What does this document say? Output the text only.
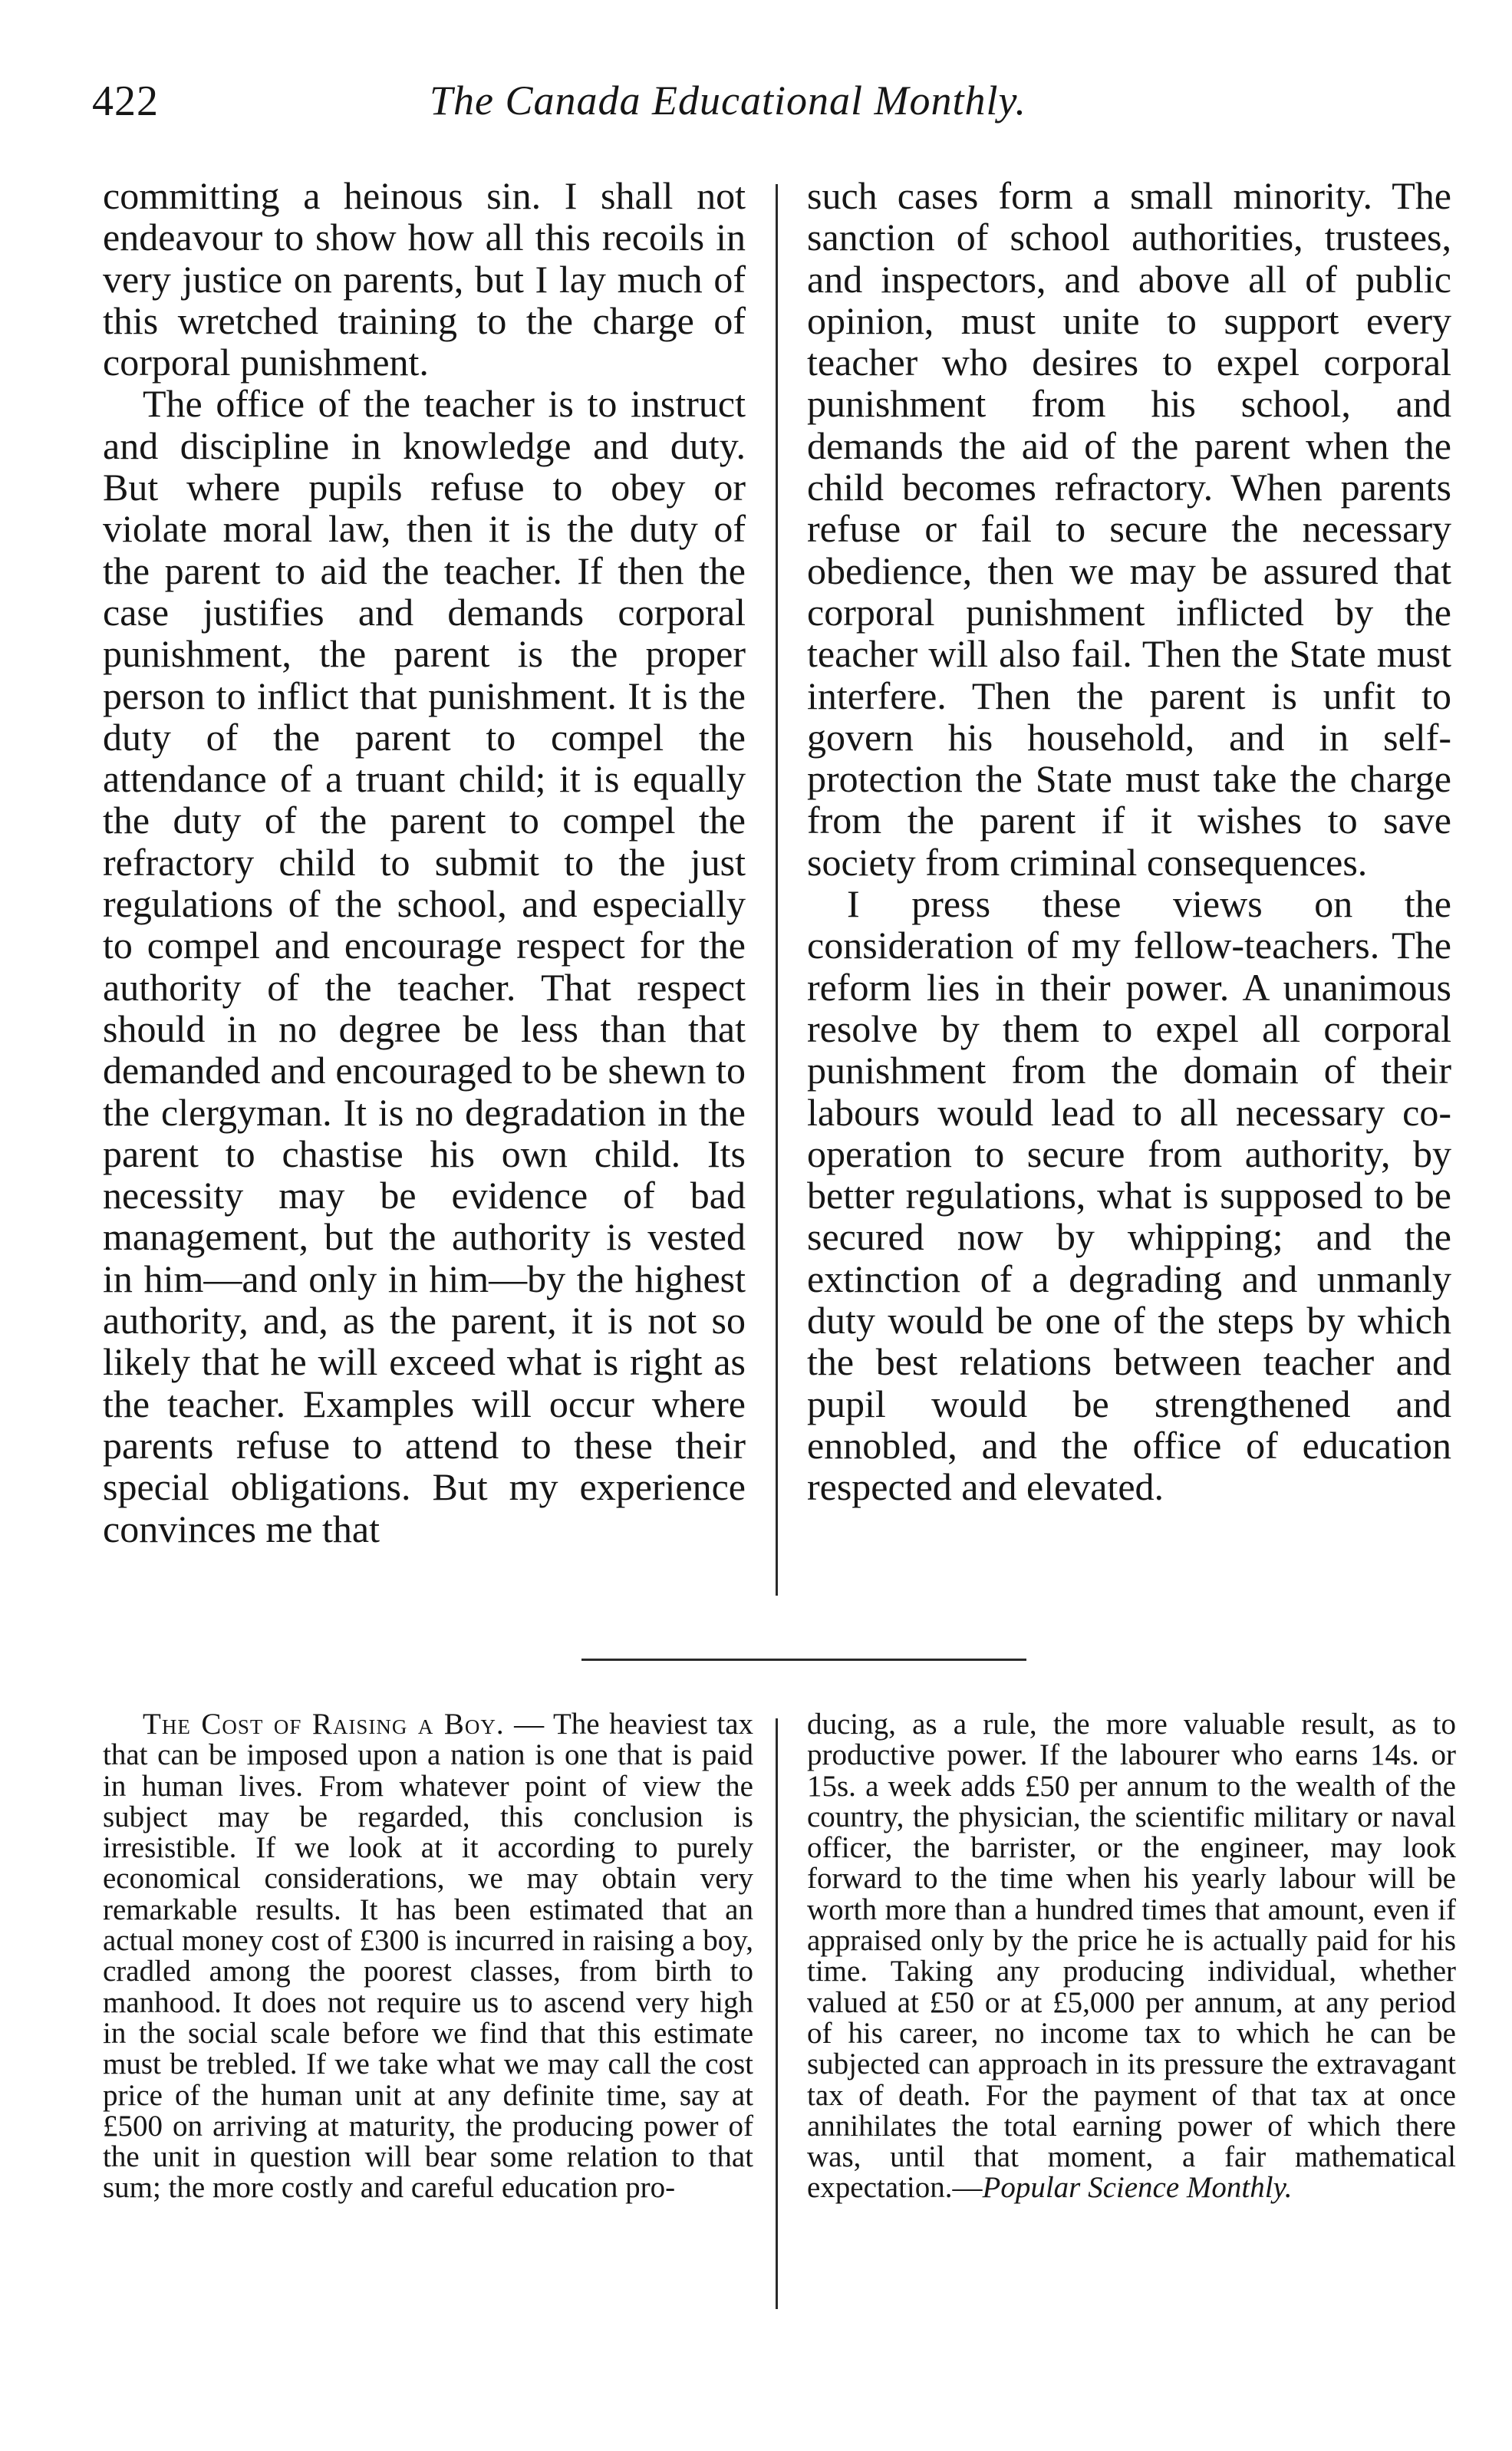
422	The Canada Educational Monthly.

committing a heinous sin. I shall not endeavour to show how all this recoils in very justice on parents, but I lay much of this wretched training to the charge of corporal punishment.

The office of the teacher is to instruct and discipline in knowledge and duty. But where pupils refuse to obey or violate moral law, then it is the duty of the parent to aid the teacher. If then the case justifies and demands corporal punishment, the parent is the proper person to inflict that punishment. It is the duty of the parent to compel the attendance of a truant child; it is equally the duty of the parent to compel the refractory child to submit to the just regulations of the school, and especially to compel and encourage respect for the authority of the teacher. That respect should in no degree be less than that demanded and encouraged to be shewn to the clergyman. It is no degradation in the parent to chastise his own child. Its necessity may be evidence of bad management, but the authority is vested in him—and only in him—by the highest authority, and, as the parent, it is not so likely that he will exceed what is right as the teacher. Examples will occur where parents refuse to attend to these their special obligations. But my experience convinces me that

such cases form a small minority. The sanction of school authorities, trustees, and inspectors, and above all of public opinion, must unite to support every teacher who desires to expel corporal punishment from his school, and demands the aid of the parent when the child becomes refractory. When parents refuse or fail to secure the necessary obedience, then we may be assured that corporal punishment inflicted by the teacher will also fail. Then the State must interfere. Then the parent is unfit to govern his household, and in self-protection the State must take the charge from the parent if it wishes to save society from criminal consequences.

I press these views on the consideration of my fellow-teachers. The reform lies in their power. A unanimous resolve by them to expel all corporal punishment from the domain of their labours would lead to all necessary co-operation to secure from authority, by better regulations, what is supposed to be secured now by whipping; and the extinction of a degrading and unmanly duty would be one of the steps by which the best relations between teacher and pupil would be strengthened and ennobled, and the office of education respected and elevated.

The Cost of Raising a Boy. — The heaviest tax that can be imposed upon a nation is one that is paid in human lives. From whatever point of view the subject may be regarded, this conclusion is irresistible. If we look at it according to purely economical considerations, we may obtain very remarkable results. It has been estimated that an actual money cost of £300 is incurred in raising a boy, cradled among the poorest classes, from birth to manhood. It does not require us to ascend very high in the social scale before we find that this estimate must be trebled. If we take what we may call the cost price of the human unit at any definite time, say at £500 on arriving at maturity, the producing power of the unit in question will bear some relation to that sum; the more costly and careful education pro-

ducing, as a rule, the more valuable result, as to productive power. If the labourer who earns 14s. or 15s. a week adds £50 per annum to the wealth of the country, the physician, the scientific military or naval officer, the barrister, or the engineer, may look forward to the time when his yearly labour will be worth more than a hundred times that amount, even if appraised only by the price he is actually paid for his time. Taking any producing individual, whether valued at £50 or at £5,000 per annum, at any period of his career, no income tax to which he can be subjected can approach in its pressure the extravagant tax of death. For the payment of that tax at once annihilates the total earning power of which there was, until that moment, a fair mathematical expectation.—Popular Science Monthly.
